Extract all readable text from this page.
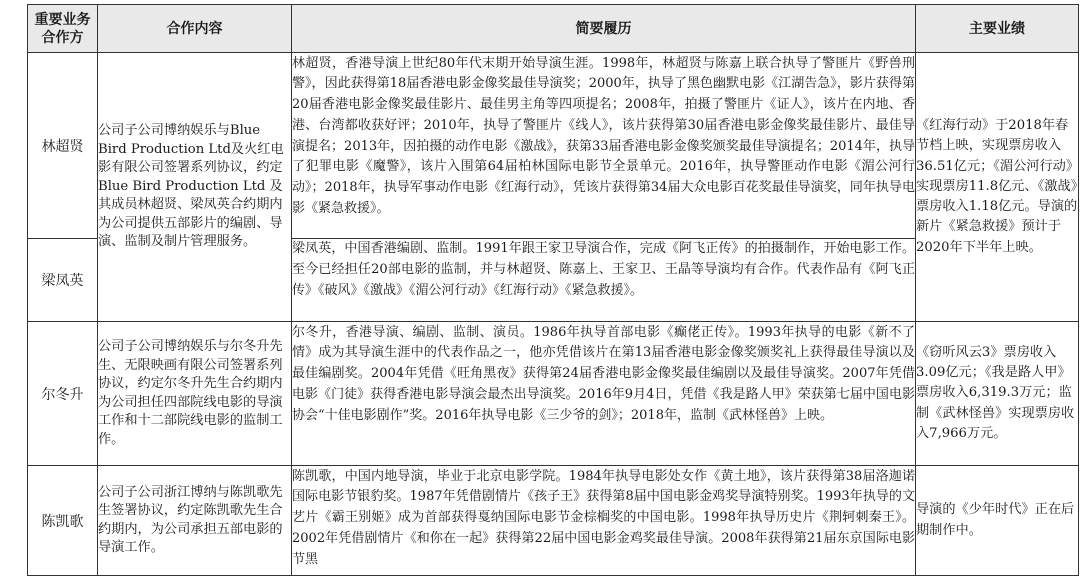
重要业务合作方	合作内容	简要履历	主要业绩
林超贤	公司子公司博纳娱乐与Blue Bird Production Ltd及火红电影有限公司签署系列协议，约定 Blue Bird Production Ltd 及其成员林超贤、梁凤英合约期内为公司提供五部影片的编剧、导演、监制及制片管理服务。	林超贤，香港导演上世纪80年代末期开始导演生涯。1998年，林超贤与陈嘉上联合执导了警匪片《野兽刑警》，因此获得第18届香港电影金像奖最佳导演奖；2000年，执导了黑色幽默电影《江湖告急》，影片获得第20届香港电影金像奖最佳影片、最佳男主角等四项提名；2008年，拍摄了警匪片《证人》，该片在内地、香港、台湾都收获好评；2010年，执导了警匪片《线人》，该片获得第30届香港电影金像奖最佳影片、最佳导演提名；2013年，因拍摄的动作电影《激战》，获第33届香港电影金像奖颁奖最佳导演提名；2014年，执导了犯罪电影《魔警》，该片入围第64届柏林国际电影节全景单元。2016年，执导警匪动作电影《湄公河行动》；2018年，执导军事动作电影《红海行动》，凭该片获得第34届大众电影百花奖最佳导演奖，同年执导电影《紧急救援》。	《红海行动》于2018年春节档上映，实现票房收入36.51亿元；《湄公河行动》实现票房11.8亿元、《激战》票房收入1.18亿元。导演的新片《紧急救援》预计于2020年下半年上映。
梁凤英		梁凤英，中国香港编剧、监制。1991年跟王家卫导演合作，完成《阿飞正传》的拍摄制作，开始电影工作。至今已经担任20部电影的监制，并与林超贤、陈嘉上、王家卫、王晶等导演均有合作。代表作品有《阿飞正传》《破风》《激战》《湄公河行动》《红海行动》《紧急救援》。	

尔冬升	公司子公司博纳娱乐与尔冬升先生、无限映画有限公司签署系列协议，约定尔冬升先生合约期内为公司担任四部院线电影的导演工作和十二部院线电影的监制工作。	尔冬升，香港导演、编剧、监制、演员。1986年执导首部电影《癫佬正传》。1993年执导的电影《新不了情》成为其导演生涯中的代表作品之一，他亦凭借该片在第13届香港电影金像奖颁奖礼上获得最佳导演以及最佳编剧奖。2004年凭借《旺角黑夜》获得第24届香港电影金像奖最佳编剧以及最佳导演奖。2007年凭借电影《门徒》获得香港电影导演会最杰出导演奖。2016年9月4日，凭借《我是路人甲》荣获第七届中国电影协会“十佳电影剧作”奖。2016年执导电影《三少爷的剑》；2018年，监制《武林怪兽》上映。	《窃听风云3》票房收入3.09亿元；《我是路人甲》票房收入6,319.3万元；监制《武林怪兽》实现票房收入7,966万元。
陈凯歌	公司子公司浙江博纳与陈凯歌先生签署协议，约定陈凯歌先生合约期内，为公司承担五部电影的导演工作。	陈凯歌，中国内地导演，毕业于北京电影学院。1984年执导电影处女作《黄土地》，该片获得第38届洛迦诺国际电影节银豹奖。1987年凭借剧情片《孩子王》获得第8届中国电影金鸡奖导演特别奖。1993年执导的文艺片《霸王别姬》成为首部获得戛纳国际电影节金棕榈奖的中国电影。1998年执导历史片《荆轲刺秦王》。2002年凭借剧情片《和你在一起》获得第22届中国电影金鸡奖最佳导演。2008年获得第21届东京国际电影节黑	导演的《少年时代》正在后期制作中。
